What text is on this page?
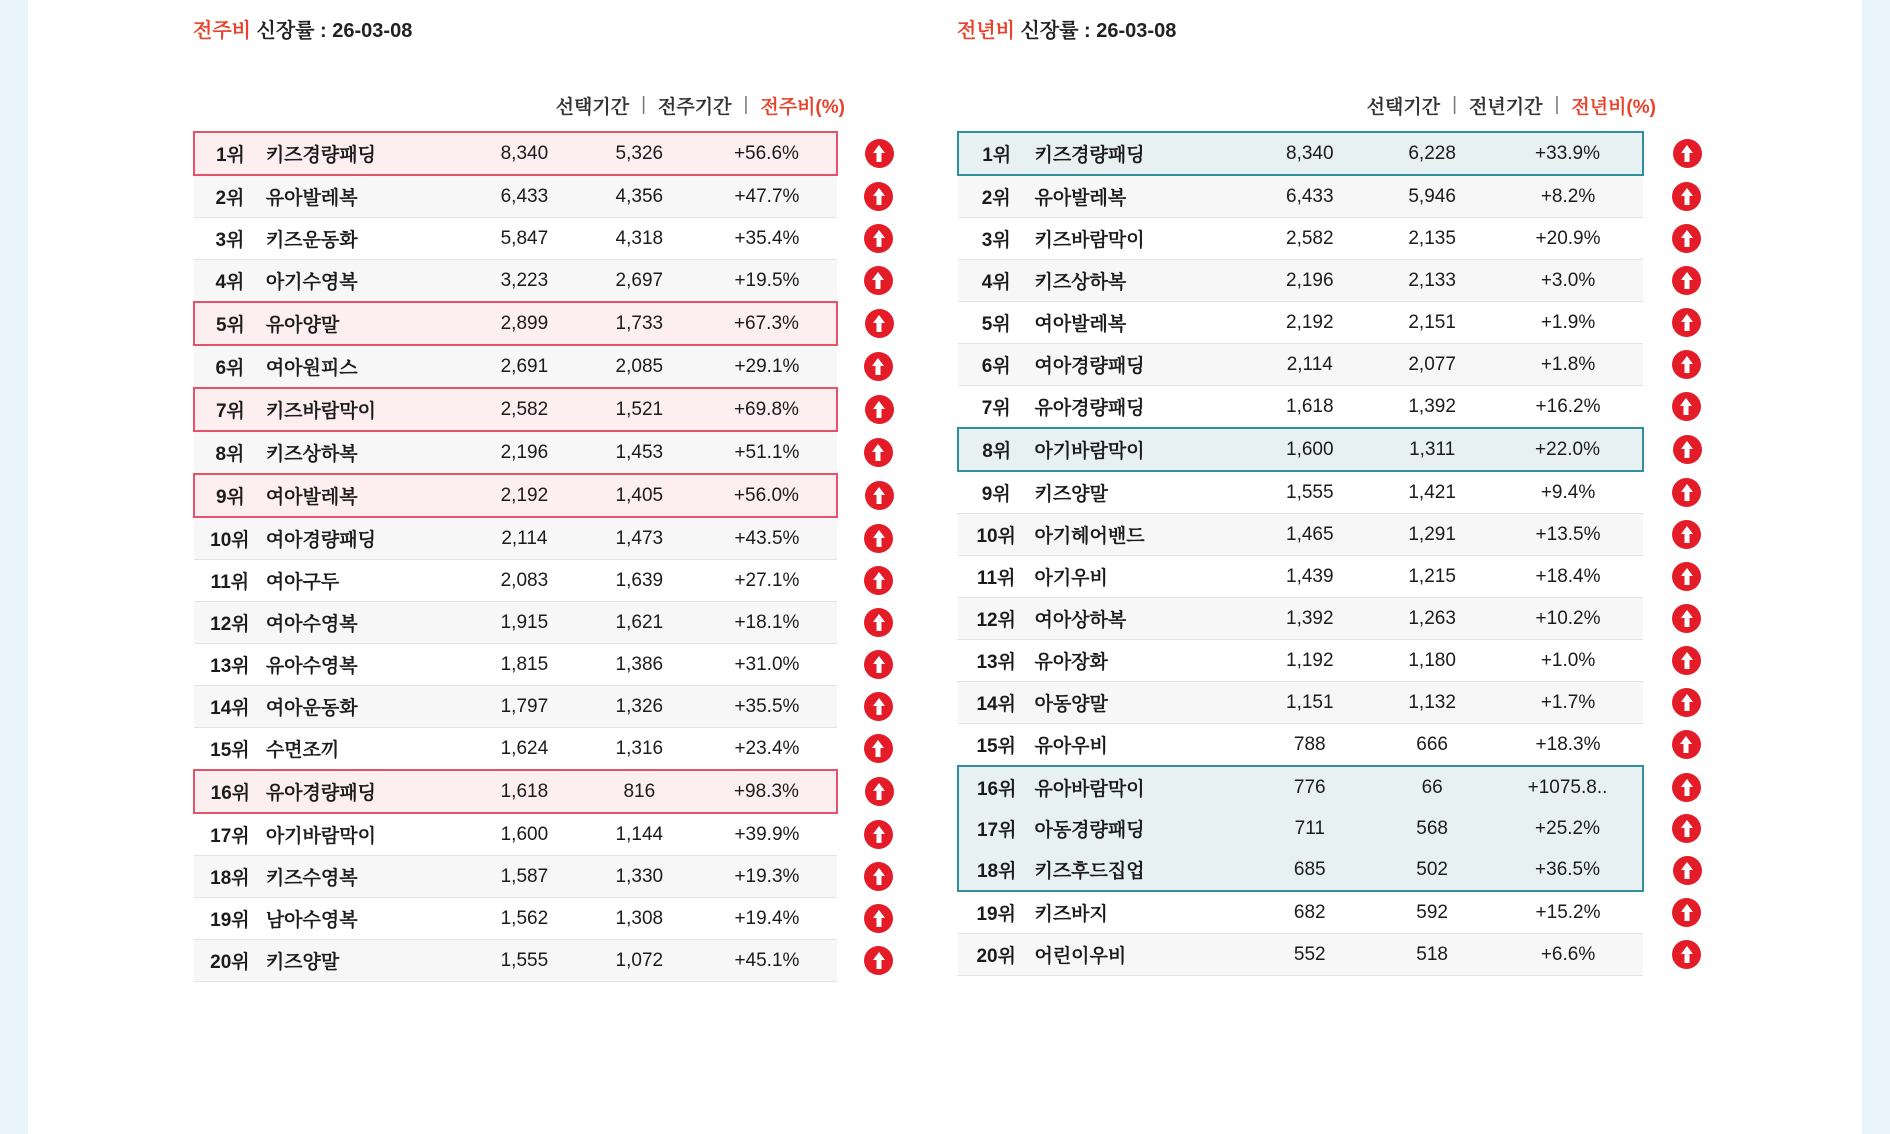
전주비 신장률 : 26-03-08
선택기간 | 전주기간 | 전주비(%)
1위	키즈경량패딩	8,340	5,326	+56.6%	
2위	유아발레복	6,433	4,356	+47.7%	
3위	키즈운동화	5,847	4,318	+35.4%	
4위	아기수영복	3,223	2,697	+19.5%	
5위	유아양말	2,899	1,733	+67.3%	
6위	여아원피스	2,691	2,085	+29.1%	
7위	키즈바람막이	2,582	1,521	+69.8%	
8위	키즈상하복	2,196	1,453	+51.1%	
9위	여아발레복	2,192	1,405	+56.0%	
10위	여아경량패딩	2,114	1,473	+43.5%	
11위	여아구두	2,083	1,639	+27.1%	
12위	여아수영복	1,915	1,621	+18.1%	
13위	유아수영복	1,815	1,386	+31.0%	
14위	여아운동화	1,797	1,326	+35.5%	
15위	수면조끼	1,624	1,316	+23.4%	
16위	유아경량패딩	1,618	816	+98.3%	
17위	아기바람막이	1,600	1,144	+39.9%	
18위	키즈수영복	1,587	1,330	+19.3%	
19위	남아수영복	1,562	1,308	+19.4%	
20위	키즈양말	1,555	1,072	+45.1%	
전년비 신장률 : 26-03-08
선택기간 | 전년기간 | 전년비(%)
1위	키즈경량패딩	8,340	6,228	+33.9%	
2위	유아발레복	6,433	5,946	+8.2%	
3위	키즈바람막이	2,582	2,135	+20.9%	
4위	키즈상하복	2,196	2,133	+3.0%	
5위	여아발레복	2,192	2,151	+1.9%	
6위	여아경량패딩	2,114	2,077	+1.8%	
7위	유아경량패딩	1,618	1,392	+16.2%	
8위	아기바람막이	1,600	1,311	+22.0%	
9위	키즈양말	1,555	1,421	+9.4%	
10위	아기헤어밴드	1,465	1,291	+13.5%	
11위	아기우비	1,439	1,215	+18.4%	
12위	여아상하복	1,392	1,263	+10.2%	
13위	유아장화	1,192	1,180	+1.0%	
14위	아동양말	1,151	1,132	+1.7%	
15위	유아우비	788	666	+18.3%	
16위	유아바람막이	776	66	+1075.8..	
17위	아동경량패딩	711	568	+25.2%	
18위	키즈후드집업	685	502	+36.5%	
19위	키즈바지	682	592	+15.2%	
20위	어린이우비	552	518	+6.6%	
